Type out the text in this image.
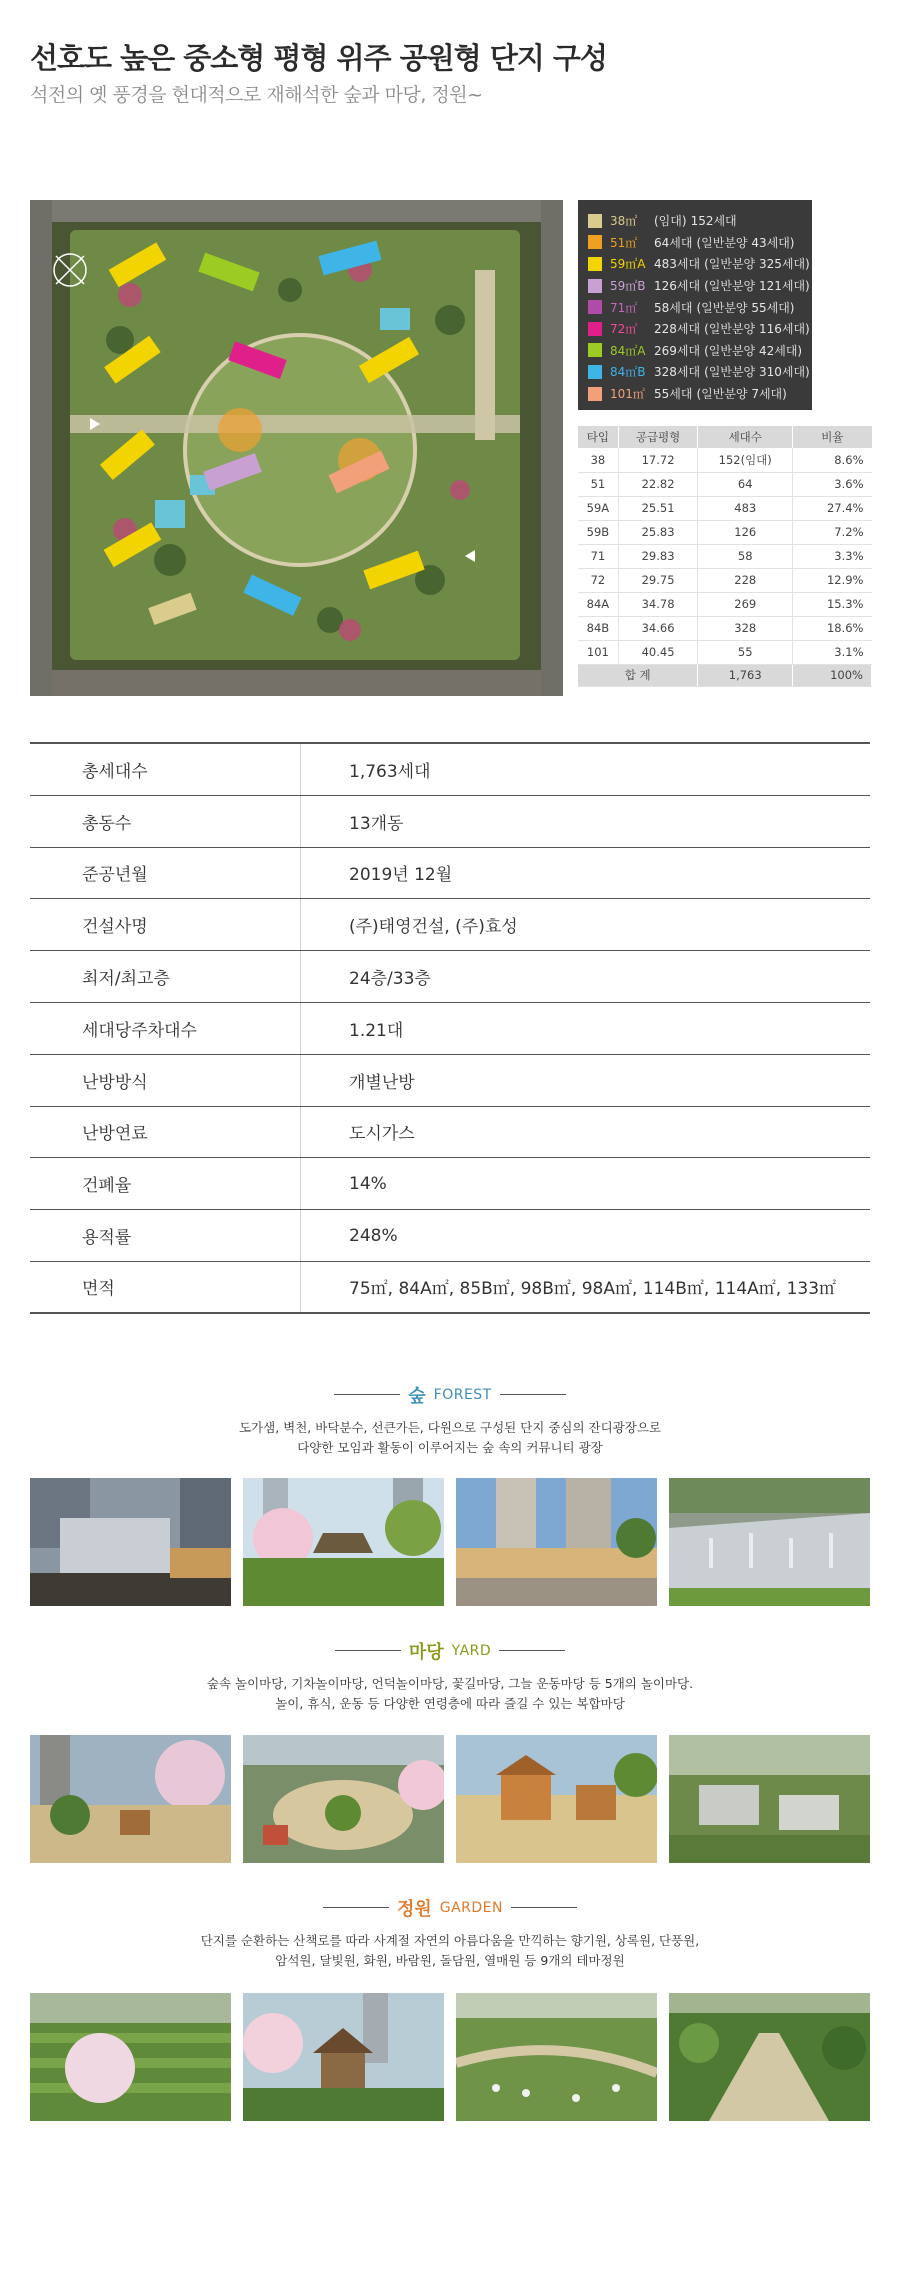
선호도 높은 중소형 평형 위주 공원형 단지 구성
석전의 옛 풍경을 현대적으로 재해석한 숲과 마당, 정원~
38㎡	(임대) 152세대
51㎡	64세대 (일반분양 43세대)
59㎡A 483세대 (일반분양 325세대)
59㎡B 126세대 (일반분양 121세대)
71㎡	58세대 (일반분양 55세대)
72㎡	228세대 (일반분양 116세대)
84㎡A 269세대 (일반분양 42세대)
84㎡B 328세대 (일반분양 310세대)
101㎡ 55세대 (일반분양 7세대)
타입	공급평형	세대수	비율
38	17.72	152(임대)	8.6%
51	22.82	64	3.6%
59A	25.51	483	27.4%
59B	25.83	126	7.2%
71	29.83	58	3.3%
72	29.75	228	12.9%
84A	34.78	269	15.3%
84B	34.66	328	18.6%
101	40.45	55	3.1%
합 계		1,763	100%
총세대수	1,763세대
총동수	13개동
준공년월	2019년 12월
건설사명	(주)태영건설, (주)효성
최저/최고층	24층/33층
세대당주차대수	1.21대
난방방식	개별난방
난방연료	도시가스
건폐율	14%
용적률	248%
면적	75㎡, 84A㎡, 85B㎡, 98B㎡, 98A㎡, 114B㎡, 114A㎡, 133㎡
숲 FOREST
도가샘, 벽천, 바닥분수, 선큰가든, 다원으로 구성된 단지 중심의 잔디광장으로
다양한 모임과 활동이 이루어지는 숲 속의 커뮤니티 광장
마당 YARD
숲속 놀이마당, 기차놀이마당, 언덕놀이마당, 꽃길마당, 그늘 운동마당 등 5개의 놀이마당.
놀이, 휴식, 운동 등 다양한 연령층에 따라 즐길 수 있는 복합마당
정원 GARDEN
단지를 순환하는 산책로를 따라 사계절 자연의 아름다움을 만끽하는 향기원, 상록원, 단풍원,
암석원, 달빛원, 화원, 바람원, 돌담원, 열매원 등 9개의 테마정원
